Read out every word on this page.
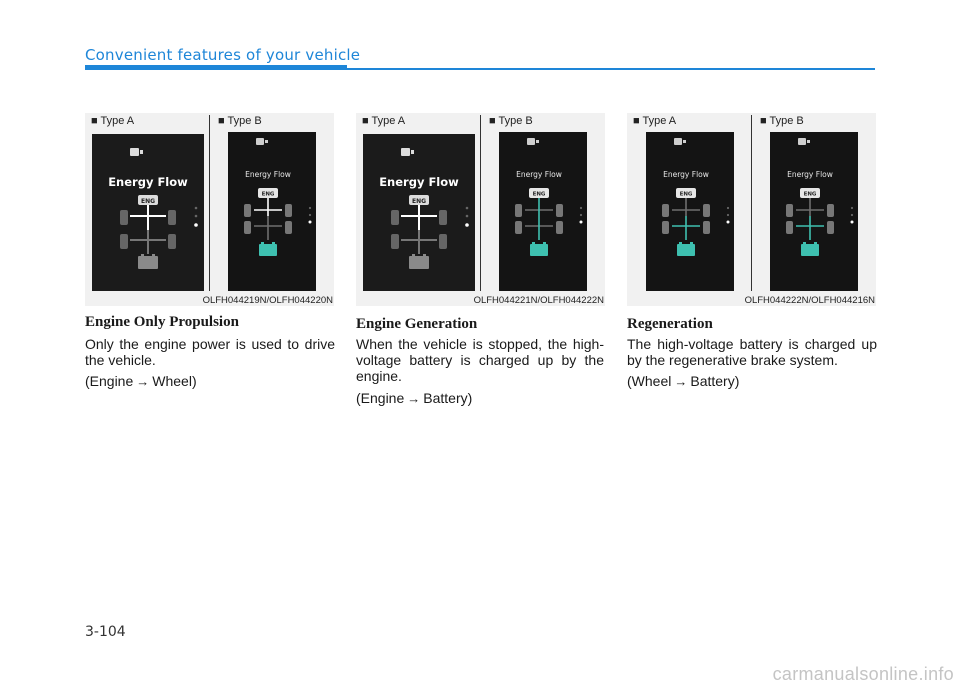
Convenient features of your vehicle
■ Type A	■ Type B
Energy Flow
ENG
Energy Flow
ENG
OLFH044219N/OLFH044220N
■ Type A	■ Type B
Energy Flow
ENG
Energy Flow
ENG
OLFH044221N/OLFH044222N
■ Type A	■ Type B
Energy Flow
ENG
Energy Flow
ENG
OLFH044222N/OLFH044216N
Engine Only Propulsion
Only the engine power is used to drive the vehicle.
(Engine → Wheel)
Engine Generation
When the vehicle is stopped, the high-voltage battery is charged up by the engine.
(Engine → Battery)
Regeneration
The high-voltage battery is charged up by the regenerative brake system.
(Wheel → Battery)
3-104
carmanualsonline.info
